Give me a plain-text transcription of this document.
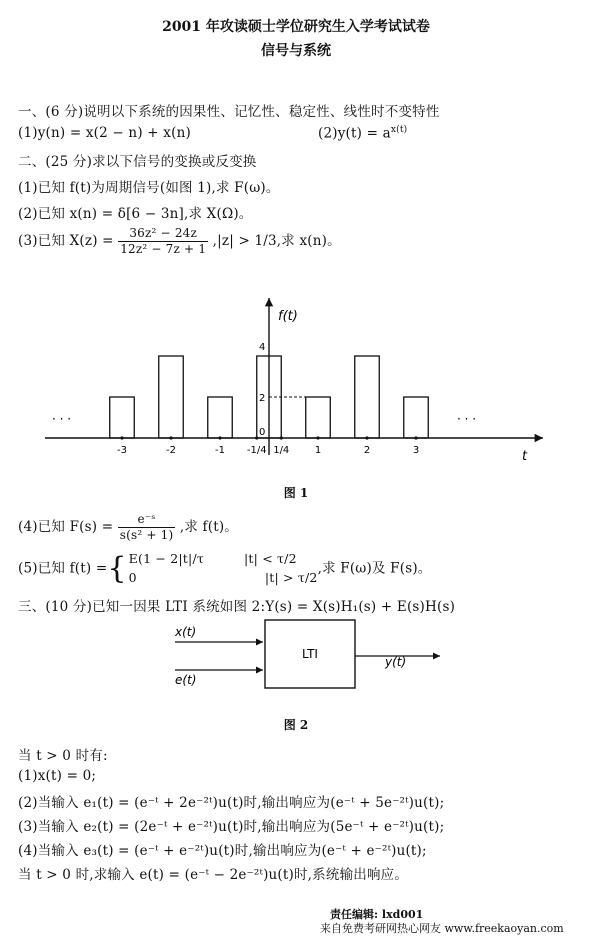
2001 年攻读硕士学位研究生入学考试试卷
信号与系统
一、(6 分)说明以下系统的因果性、记忆性、稳定性、线性时不变特性
(1)y(n) = x(2 − n) + x(n)	$(2)y(t) = a^{x(t)}$
二、(25 分)求以下信号的变换或反变换
(1)已知 f(t)为周期信号(如图 1),求 F(ω)。
(2)已知 x(n) = δ[6 − 3n],求 X(Ω)。
(3)已知 $X(z) = \frac{\text{36z² − 24z}}{\text{12z² − 7z + 1}} ,|z| > 1/3$,求 x(n)。
-3	-2	-1 -1/4 1/4	1	2	3
f(t)
t
· · ·	· · ·
0
2
4
图 1
(4)已知 $F(s) = \frac{\text{e⁻ˢ}}{\text{s(s² + 1)}}$ ,求 f(t)。
(5)已知 f(t) ={ E(1 − 2|t|/τ	|t| < τ/2
0	|t| > τ/2
,求 F(ω)及 F(s)。
三、(10 分)已知一因果 LTI 系统如图 2:Y(s) = X(s)H₁(s) + E(s)H(s)
LTI
x(t)
e(t)
y(t)
图 2
当 t > 0 时有:
(1)x(t) = 0;
(2)当输入 e₁(t) = (e⁻ᵗ + 2e⁻²ᵗ)u(t)时,输出响应为(e⁻ᵗ + 5e⁻²ᵗ)u(t);
(3)当输入 e₂(t) = (2e⁻ᵗ + e⁻²ᵗ)u(t)时,输出响应为(5e⁻ᵗ + e⁻²ᵗ)u(t);
(4)当输入 e₃(t) = (e⁻ᵗ + e⁻²ᵗ)u(t)时,输出响应为(e⁻ᵗ + e⁻²ᵗ)u(t);
当 t > 0 时,求输入 e(t) = (e⁻ᵗ − 2e⁻²ᵗ)u(t)时,系统输出响应。
责任编辑: lxd001
来自免费考研网热心网友 www.freekaoyan.com
